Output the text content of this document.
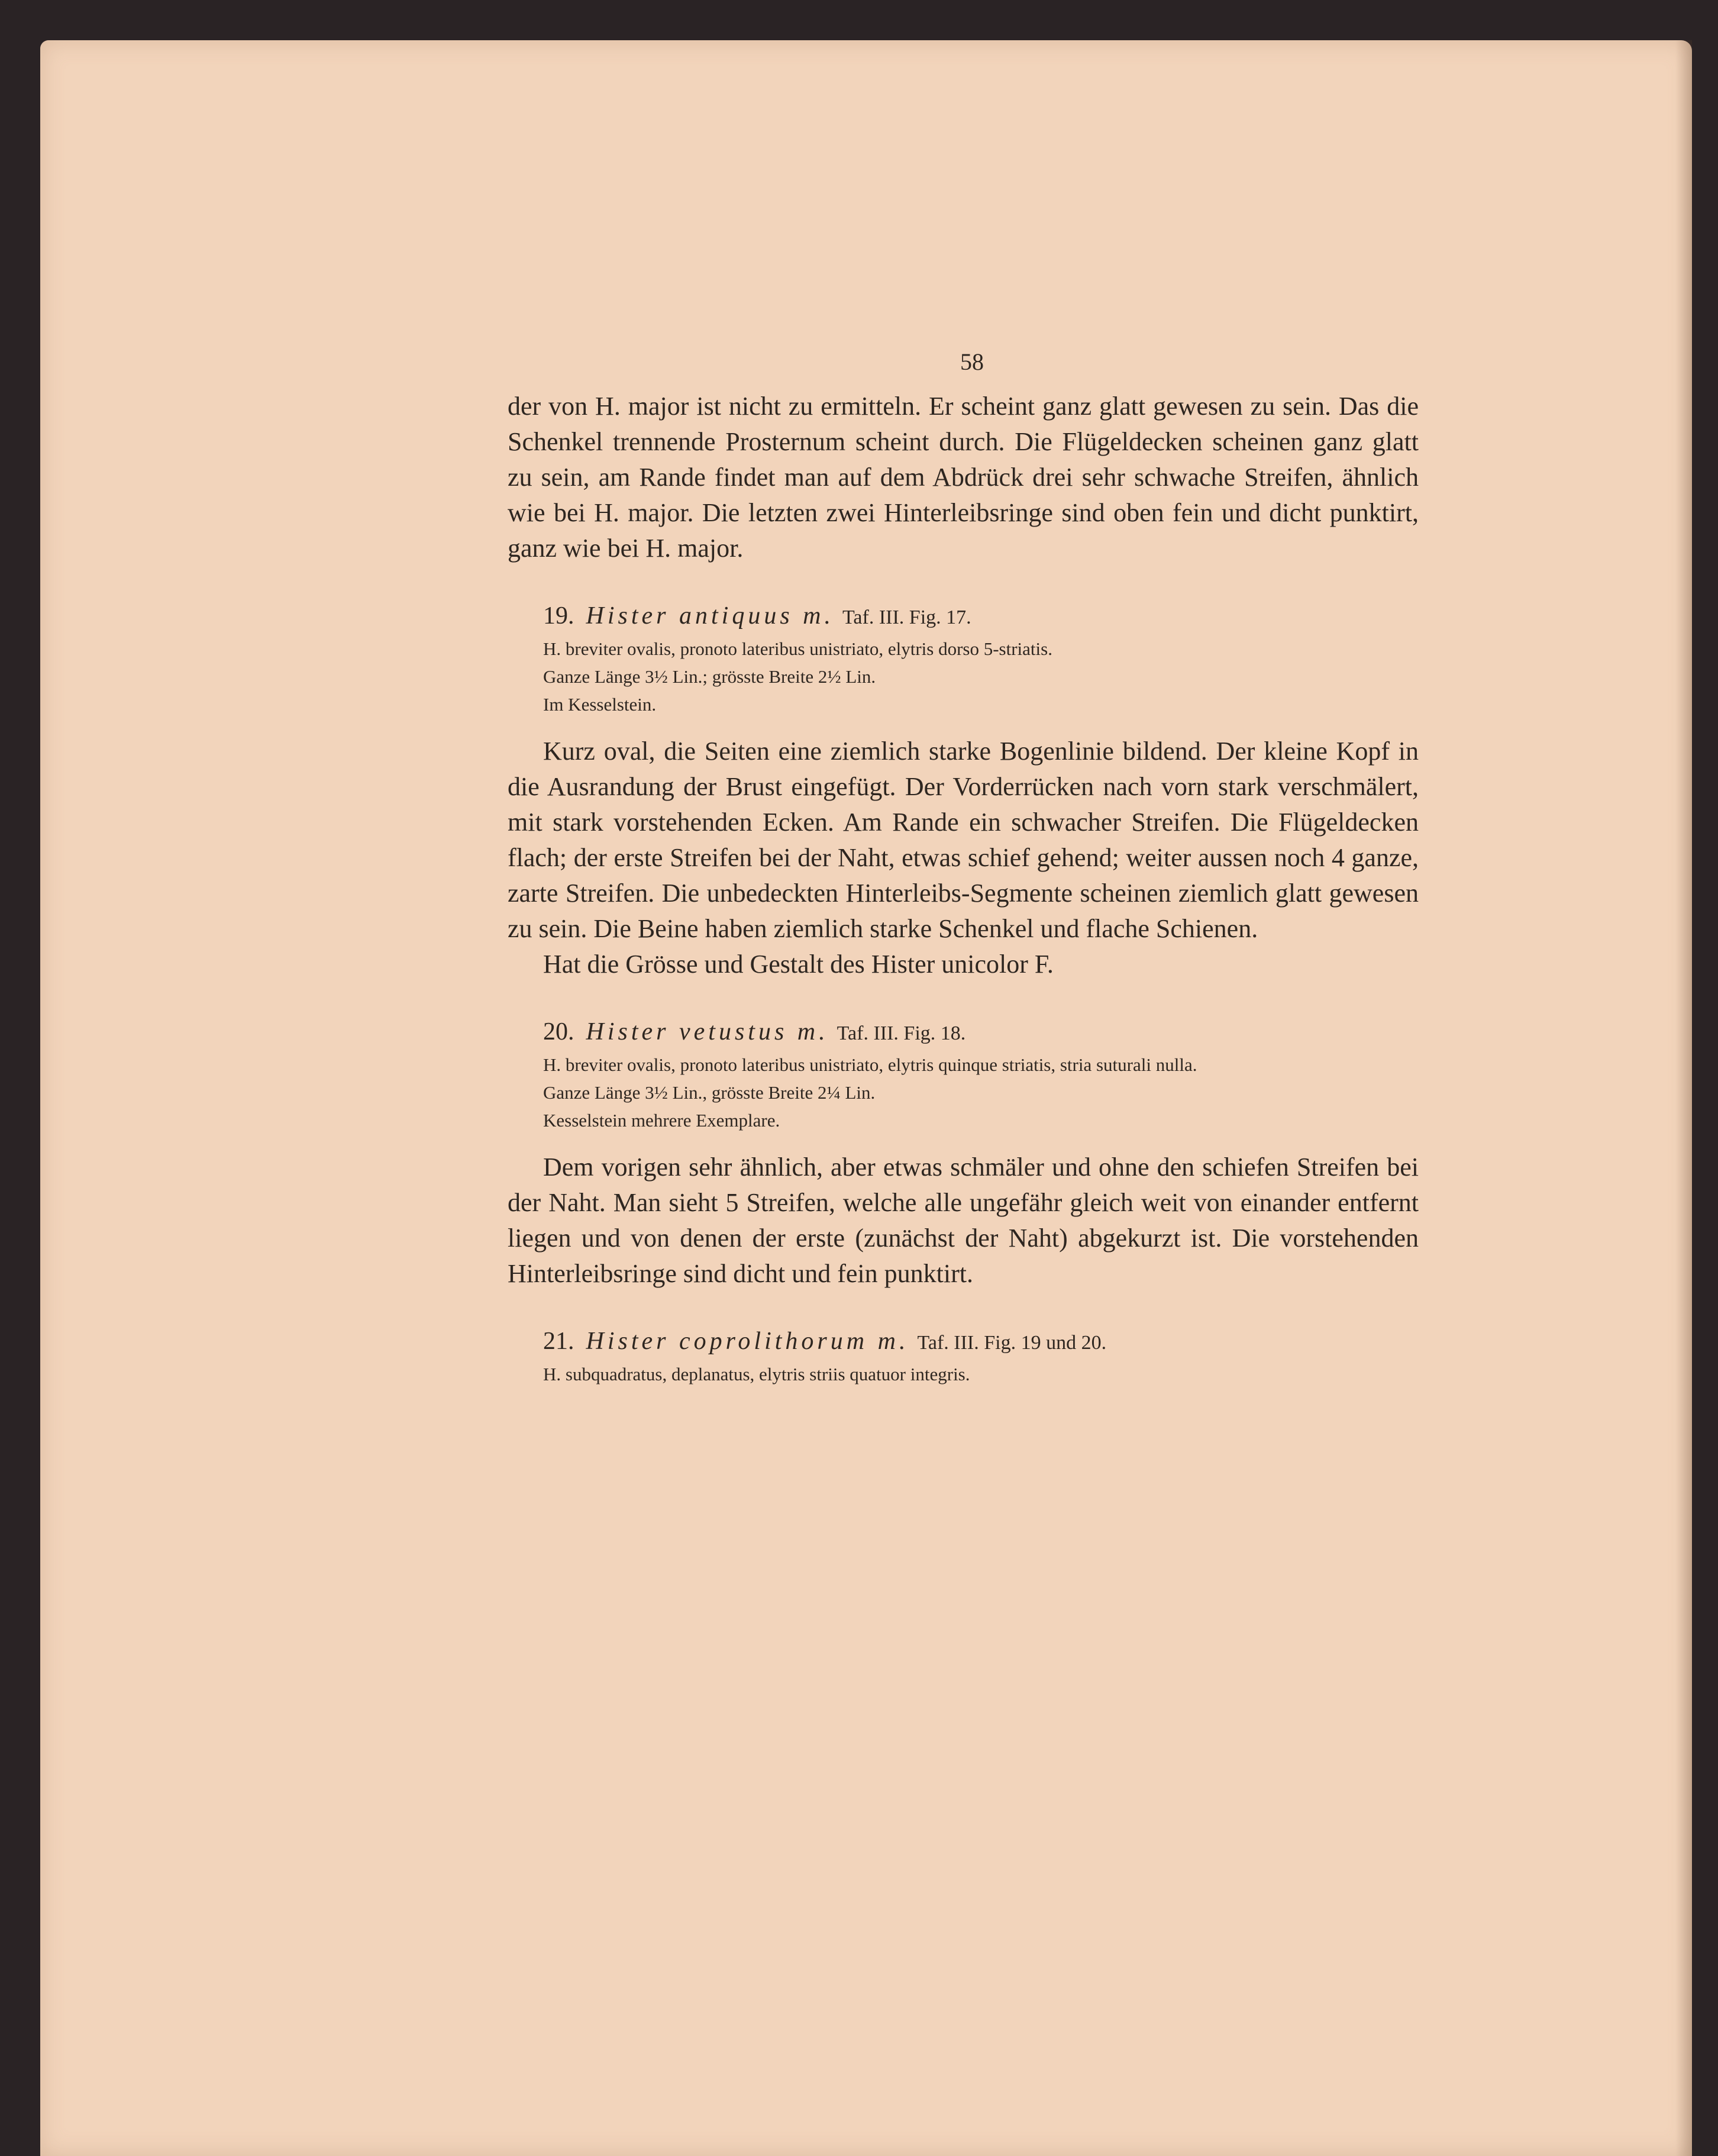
58

der von H. major ist nicht zu ermitteln. Er scheint ganz glatt gewesen zu sein. Das die Schenkel trennende Prosternum scheint durch. Die Flügeldecken scheinen ganz glatt zu sein, am Rande findet man auf dem Abdrück drei sehr schwache Streifen, ähnlich wie bei H. major. Die letzten zwei Hinterleibsringe sind oben fein und dicht punktirt, ganz wie bei H. major.

19. Hister antiquus m. Taf. III. Fig. 17.

H. breviter ovalis, pronoto lateribus unistriato, elytris dorso 5-striatis.

Ganze Länge 3½ Lin.; grösste Breite 2½ Lin.

Im Kesselstein.

Kurz oval, die Seiten eine ziemlich starke Bogenlinie bildend. Der kleine Kopf in die Ausrandung der Brust eingefügt. Der Vorderrücken nach vorn stark verschmälert, mit stark vorstehenden Ecken. Am Rande ein schwacher Streifen. Die Flügeldecken flach; der erste Streifen bei der Naht, etwas schief gehend; weiter aussen noch 4 ganze, zarte Streifen. Die unbedeckten Hinterleibs-Segmente scheinen ziemlich glatt gewesen zu sein. Die Beine haben ziemlich starke Schenkel und flache Schienen.

Hat die Grösse und Gestalt des Hister unicolor F.

20. Hister vetustus m. Taf. III. Fig. 18.

H. breviter ovalis, pronoto lateribus unistriato, elytris quinque striatis, stria suturali nulla.

Ganze Länge 3½ Lin., grösste Breite 2¼ Lin.

Kesselstein mehrere Exemplare.

Dem vorigen sehr ähnlich, aber etwas schmäler und ohne den schiefen Streifen bei der Naht. Man sieht 5 Streifen, welche alle ungefähr gleich weit von einander entfernt liegen und von denen der erste (zunächst der Naht) abgekurzt ist. Die vorstehenden Hinterleibsringe sind dicht und fein punktirt.

21. Hister coprolithorum m. Taf. III. Fig. 19 und 20.

H. subquadratus, deplanatus, elytris striis quatuor integris.
